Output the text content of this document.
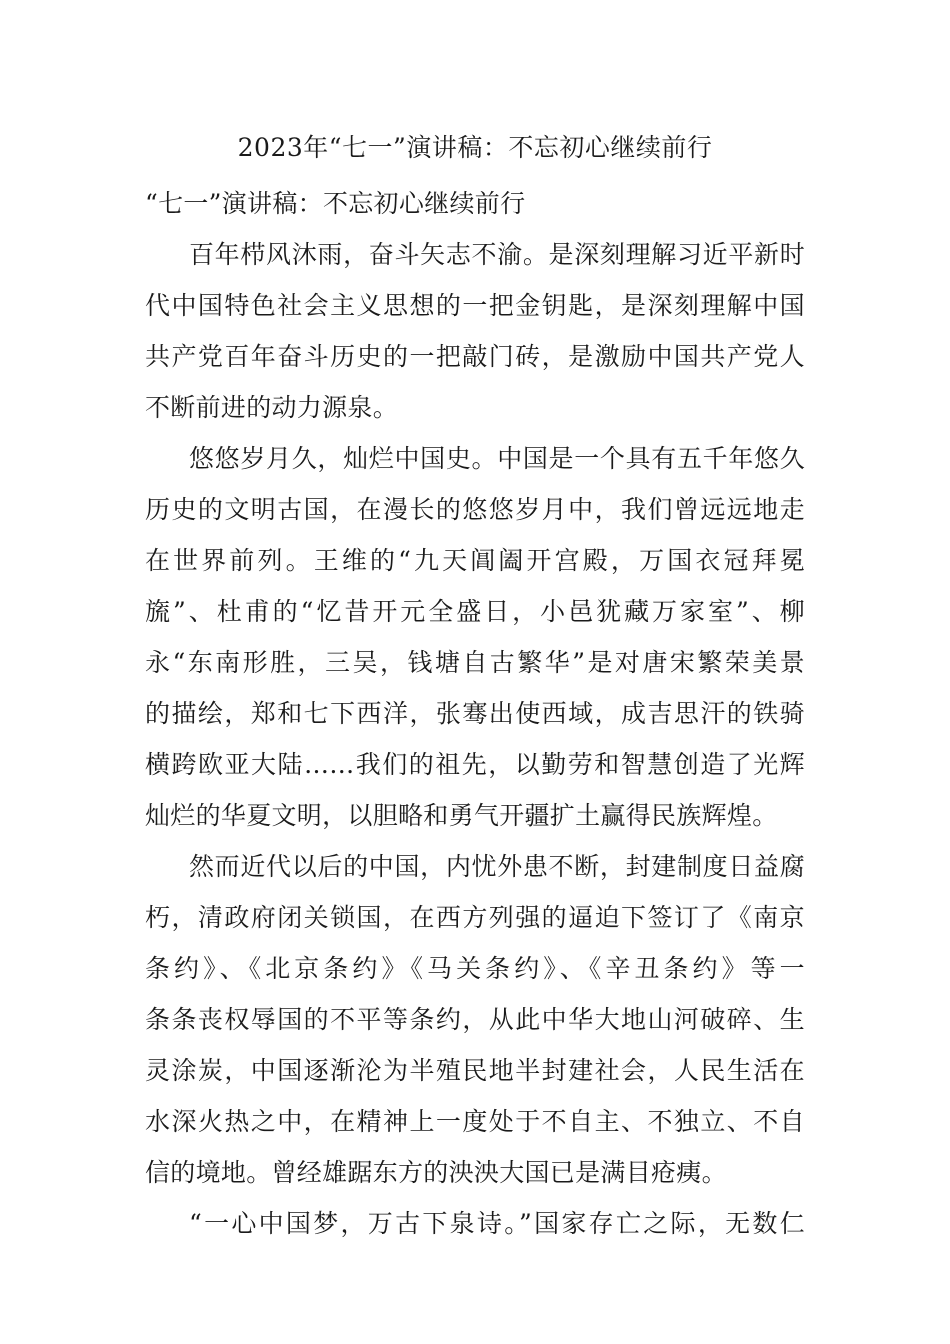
2023年“七一”演讲稿：不忘初心继续前行
“七一”演讲稿：不忘初心继续前行
百年栉风沐雨，奋斗矢志不渝。是深刻理解习近平新时
代中国特色社会主义思想的一把金钥匙，是深刻理解中国
共产党百年奋斗历史的一把敲门砖，是激励中国共产党人
不断前进的动力源泉。
悠悠岁月久，灿烂中国史。中国是一个具有五千年悠久
历史的文明古国，在漫长的悠悠岁月中，我们曾远远地走
在世界前列。王维的“九天阊阖开宫殿，万国衣冠拜冕
旒”、杜甫的“忆昔开元全盛日，小邑犹藏万家室”、柳
永“东南形胜，三吴，钱塘自古繁华”是对唐宋繁荣美景
的描绘，郑和七下西洋，张骞出使西域，成吉思汗的铁骑
横跨欧亚大陆……我们的祖先，以勤劳和智慧创造了光辉
灿烂的华夏文明，以胆略和勇气开疆扩土赢得民族辉煌。
然而近代以后的中国，内忧外患不断，封建制度日益腐
朽，清政府闭关锁国，在西方列强的逼迫下签订了《南京
条约》、《北京条约》《马关条约》、《辛丑条约》等一
条条丧权辱国的不平等条约，从此中华大地山河破碎、生
灵涂炭，中国逐渐沦为半殖民地半封建社会，人民生活在
水深火热之中，在精神上一度处于不自主、不独立、不自
信的境地。曾经雄踞东方的泱泱大国已是满目疮痍。
“一心中国梦，万古下泉诗。”国家存亡之际，无数仁
